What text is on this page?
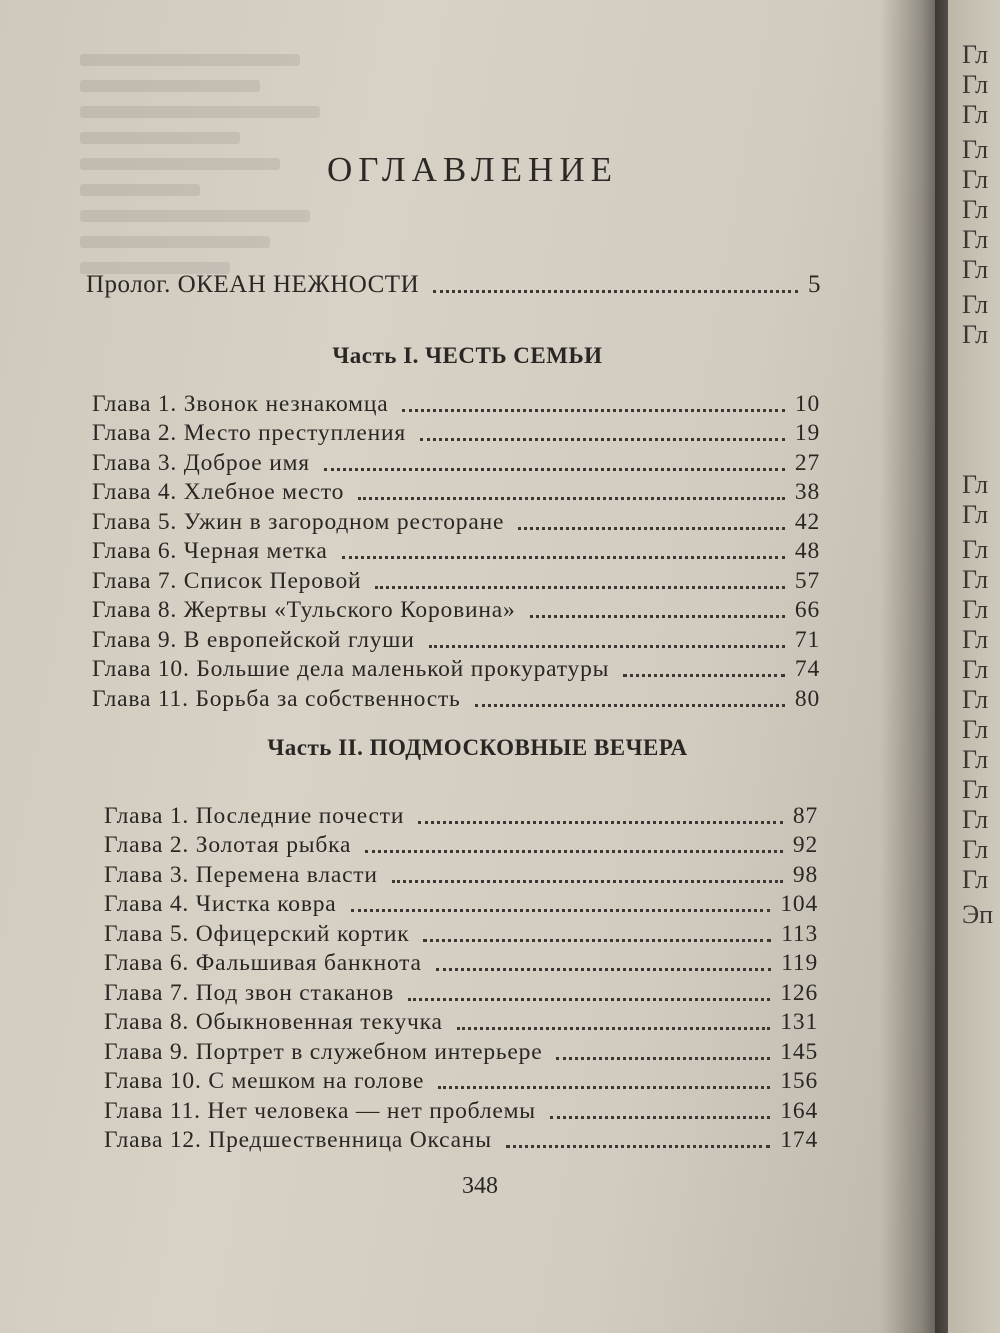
ОГЛАВЛЕНИЕ
Пролог. ОКЕАН НЕЖНОСТИ	5
Часть I. ЧЕСТЬ СЕМЬИ
Глава 1. Звонок незнакомца	10
Глава 2. Место преступления	19
Глава 3. Доброе имя	27
Глава 4. Хлебное место	38
Глава 5. Ужин в загородном ресторане	42
Глава 6. Черная метка	48
Глава 7. Список Перовой	57
Глава 8. Жертвы «Тульского Коровина»	66
Глава 9. В европейской глуши	71
Глава 10. Большие дела маленькой прокуратуры	74
Глава 11. Борьба за собственность	80
Часть II. ПОДМОСКОВНЫЕ ВЕЧЕРА
Глава 1. Последние почести	87
Глава 2. Золотая рыбка	92
Глава 3. Перемена власти	98
Глава 4. Чистка ковра	104
Глава 5. Офицерский кортик	113
Глава 6. Фальшивая банкнота	119
Глава 7. Под звон стаканов	126
Глава 8. Обыкновенная текучка	131
Глава 9. Портрет в служебном интерьере	145
Глава 10. С мешком на голове	156
Глава 11. Нет человека — нет проблемы	164
Глава 12. Предшественница Оксаны	174
348
Гл
Гл
Гл
Гл
Гл
Гл
Гл
Гл
Гл
Гл
Гл
Гл
Гл
Гл
Гл
Гл
Гл
Гл
Гл
Гл
Гл
Гл
Гл
Гл
Эп
